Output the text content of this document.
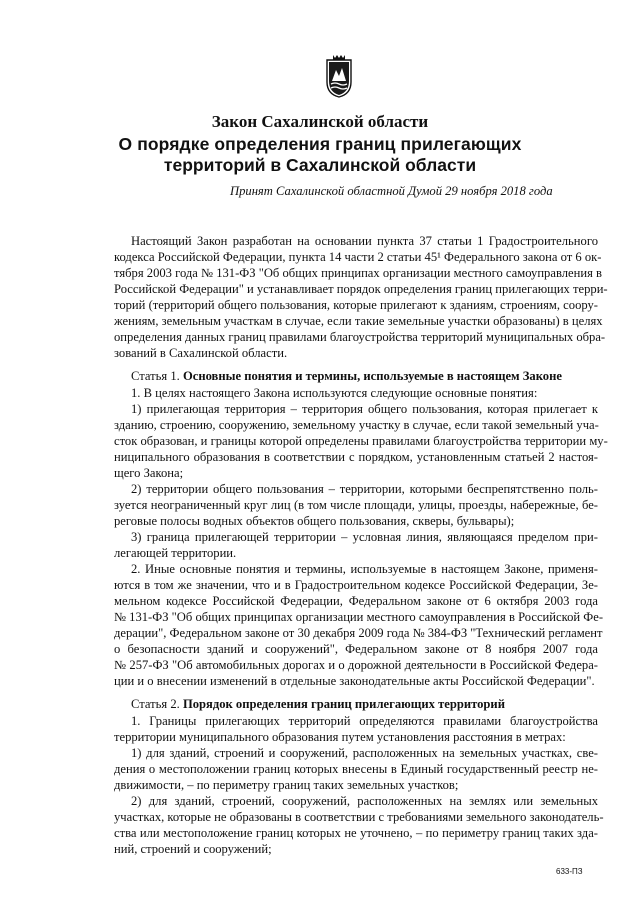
Закон Сахалинской области
О порядке определения границ прилегающих
территорий в Сахалинской области
Принят Сахалинской областной Думой 29 ноября 2018 года
Настоящий Закон разработан на основании пункта 37 статьи 1 Градостроительного
кодекса Российской Федерации, пункта 14 части 2 статьи 45¹ Федерального закона от 6 ок-
тября 2003 года № 131-ФЗ "Об общих принципах организации местного самоуправления в
Российской Федерации" и устанавливает порядок определения границ прилегающих терри-
торий (территорий общего пользования, которые прилегают к зданиям, строениям, соору-
жениям, земельным участкам в случае, если такие земельные участки образованы) в целях
определения данных границ правилами благоустройства территорий муниципальных обра-
зований в Сахалинской области.
Статья 1. Основные понятия и термины, используемые в настоящем Законе
1. В целях настоящего Закона используются следующие основные понятия:
1) прилегающая территория – территория общего пользования, которая прилегает к
зданию, строению, сооружению, земельному участку в случае, если такой земельный уча-
сток образован, и границы которой определены правилами благоустройства территории му-
ниципального образования в соответствии с порядком, установленным статьей 2 настоя-
щего Закона;
2) территории общего пользования – территории, которыми беспрепятственно поль-
зуется неограниченный круг лиц (в том числе площади, улицы, проезды, набережные, бе-
реговые полосы водных объектов общего пользования, скверы, бульвары);
3) граница прилегающей территории – условная линия, являющаяся пределом при-
легающей территории.
2. Иные основные понятия и термины, используемые в настоящем Законе, применя-
ются в том же значении, что и в Градостроительном кодексе Российской Федерации, Зе-
мельном кодексе Российской Федерации, Федеральном законе от 6 октября 2003 года
№ 131-ФЗ "Об общих принципах организации местного самоуправления в Российской Фе-
дерации", Федеральном законе от 30 декабря 2009 года № 384-ФЗ "Технический регламент
о безопасности зданий и сооружений", Федеральном законе от 8 ноября 2007 года
№ 257-ФЗ "Об автомобильных дорогах и о дорожной деятельности в Российской Федера-
ции и о внесении изменений в отдельные законодательные акты Российской Федерации".
Статья 2. Порядок определения границ прилегающих территорий
1. Границы прилегающих территорий определяются правилами благоустройства
территории муниципального образования путем установления расстояния в метрах:
1) для зданий, строений и сооружений, расположенных на земельных участках, све-
дения о местоположении границ которых внесены в Единый государственный реестр не-
движимости, – по периметру границ таких земельных участков;
2) для зданий, строений, сооружений, расположенных на землях или земельных
участках, которые не образованы в соответствии с требованиями земельного законодатель-
ства или местоположение границ которых не уточнено, – по периметру границ таких зда-
ний, строений и сооружений;
633-ПЗ
